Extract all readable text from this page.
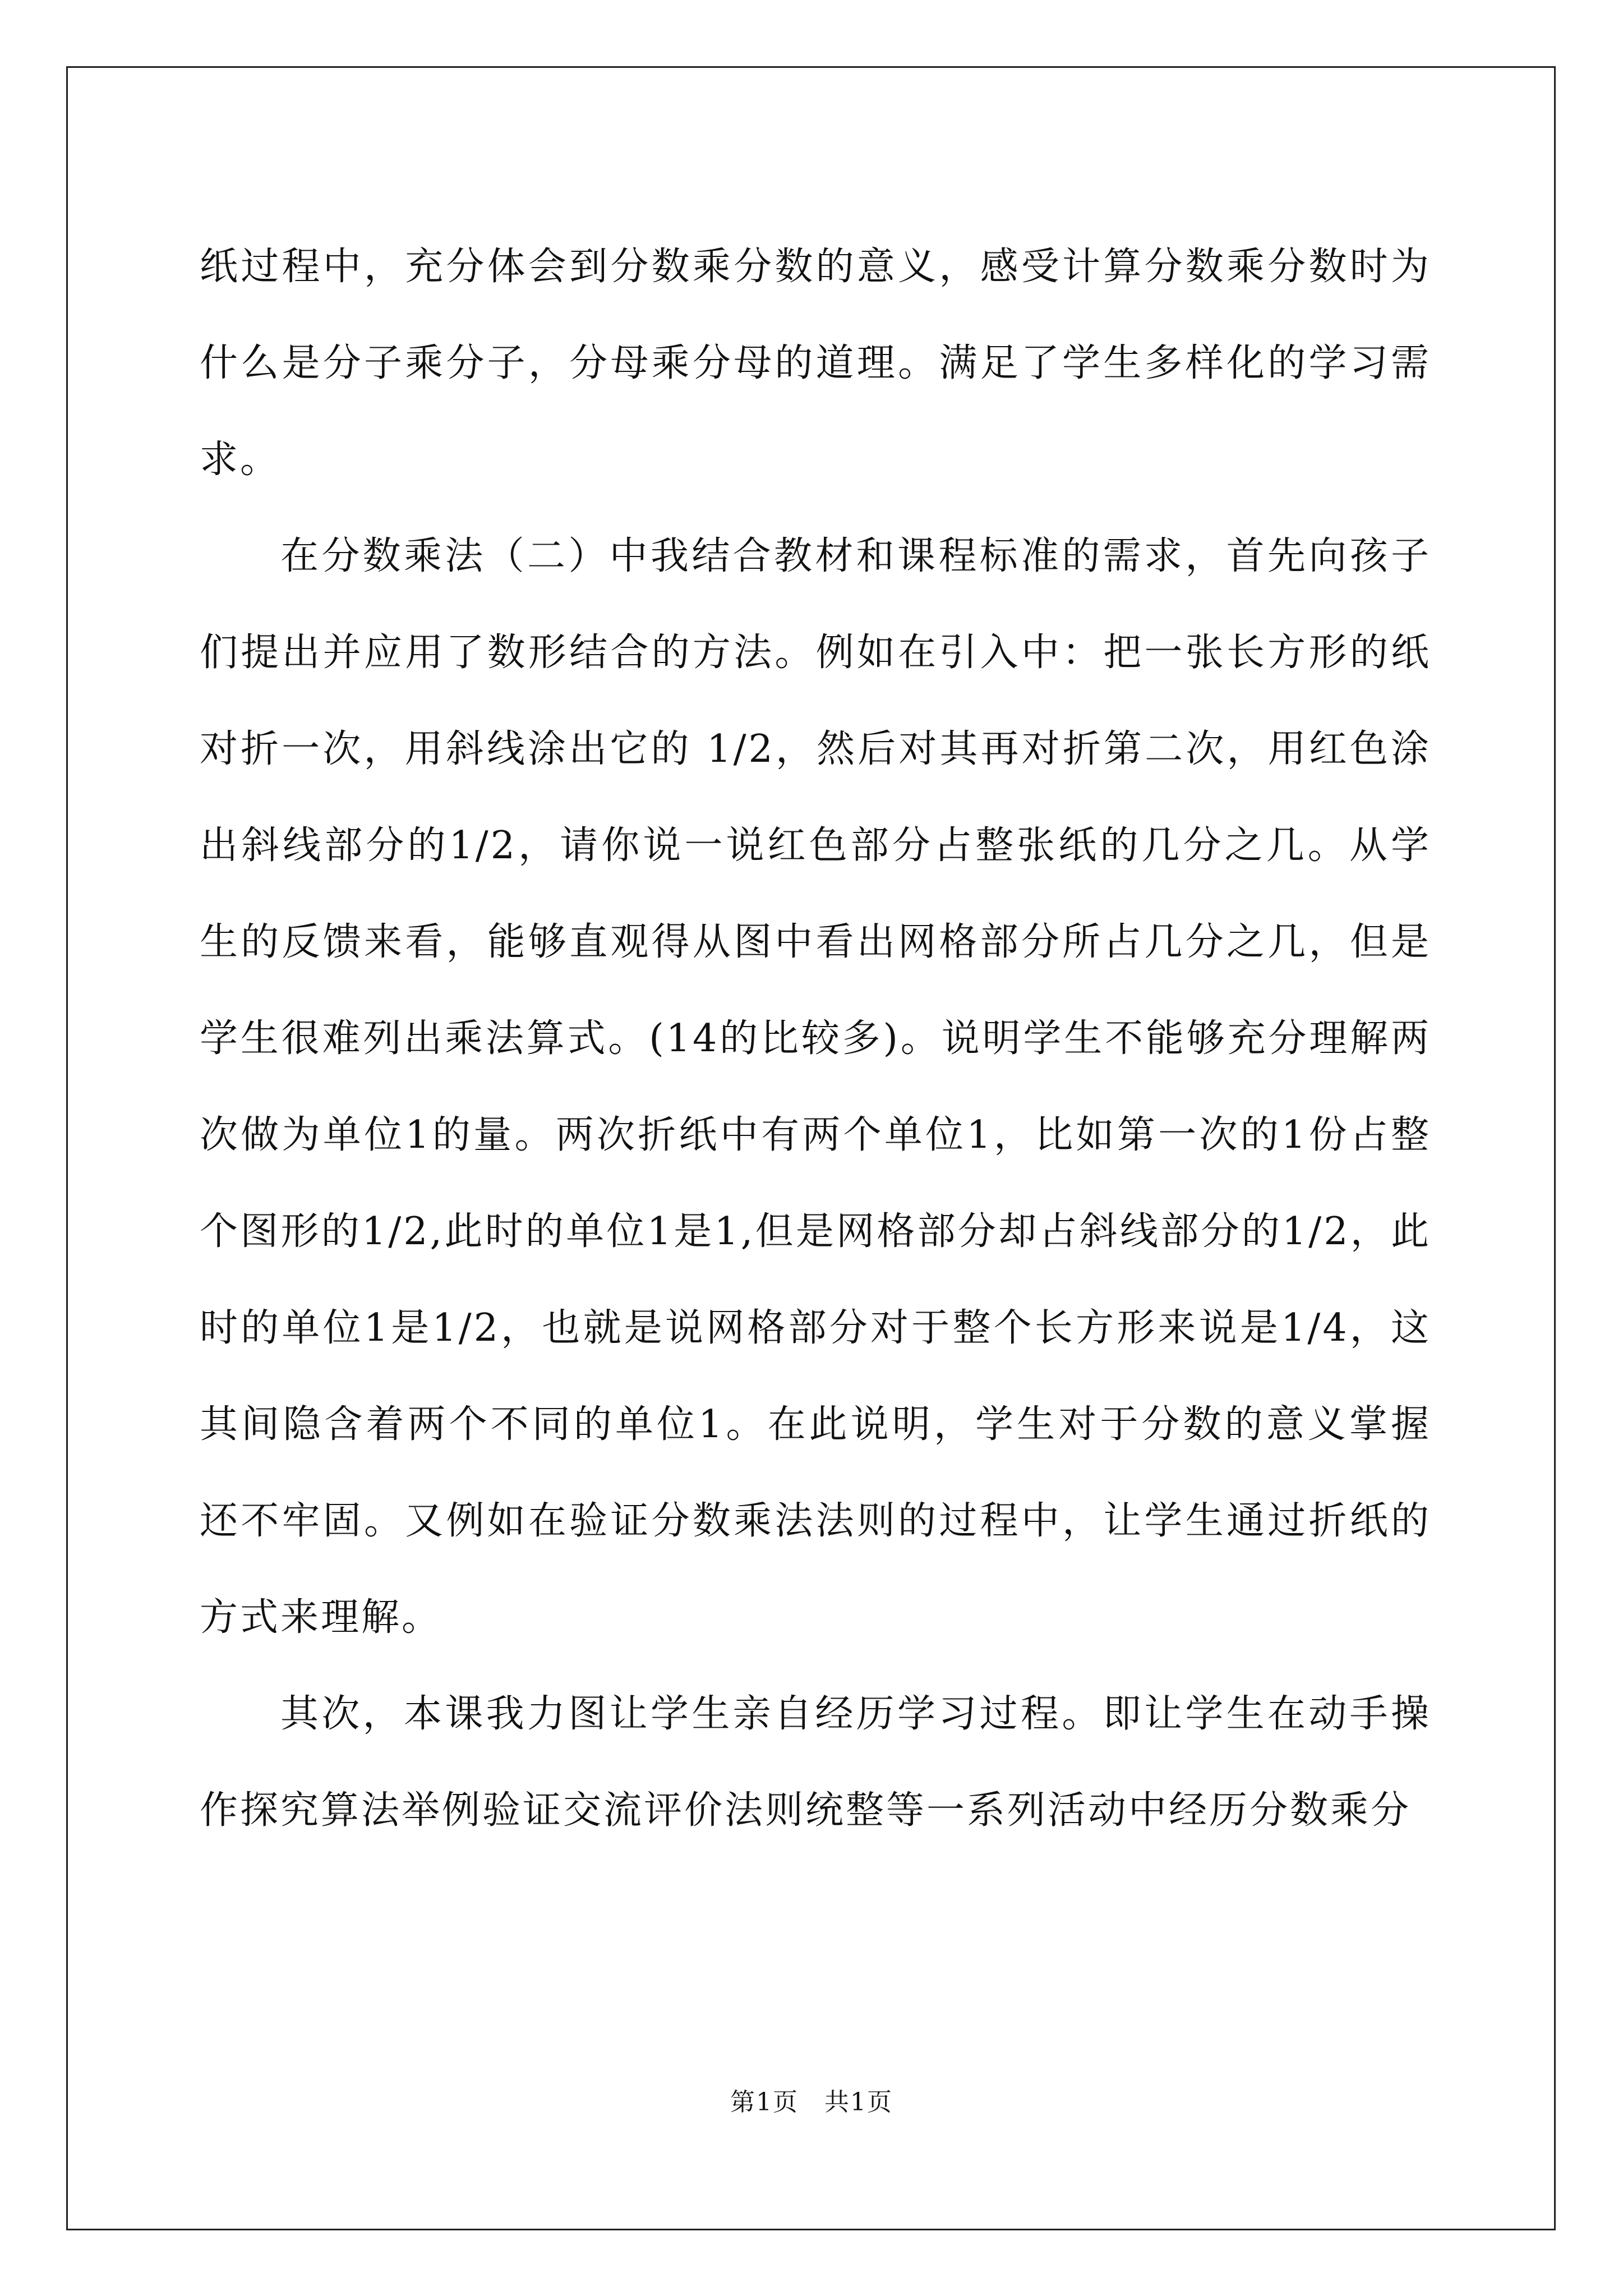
纸过程中，充分体会到分数乘分数的意义，感受计算分数乘分数时为什么是分子乘分子，分母乘分母的道理。满足了学生多样化的学习需求。

在分数乘法（二）中我结合教材和课程标准的需求，首先向孩子们提出并应用了数形结合的方法。例如在引入中：把一张长方形的纸对折一次，用斜线涂出它的 1/2，然后对其再对折第二次，用红色涂出斜线部分的1/2，请你说一说红色部分占整张纸的几分之几。从学生的反馈来看，能够直观得从图中看出网格部分所占几分之几，但是学生很难列出乘法算式。(14的比较多)。说明学生不能够充分理解两次做为单位1的量。两次折纸中有两个单位1，比如第一次的1份占整个图形的1/2,此时的单位1是1,但是网格部分却占斜线部分的1/2，此时的单位1是1/2，也就是说网格部分对于整个长方形来说是1/4，这其间隐含着两个不同的单位1。在此说明，学生对于分数的意义掌握还不牢固。又例如在验证分数乘法法则的过程中，让学生通过折纸的方式来理解。

其次，本课我力图让学生亲自经历学习过程。即让学生在动手操作探究算法举例验证交流评价法则统整等一系列活动中经历分数乘分

第1页　共1页
